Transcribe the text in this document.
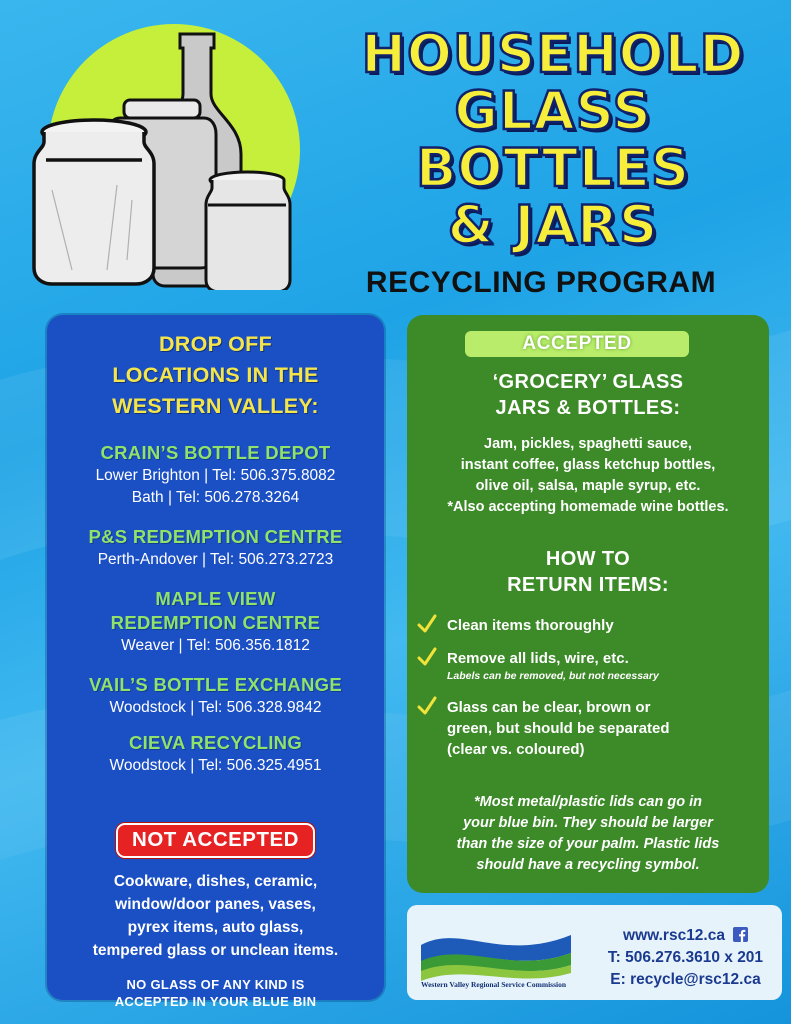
HOUSEHOLD
GLASS BOTTLES
& JARS
RECYCLING PROGRAM
DROP OFF
LOCATIONS IN THE
WESTERN VALLEY:
CRAIN’S BOTTLE DEPOT
Lower Brighton | Tel: 506.375.8082
Bath | Tel: 506.278.3264
P&S REDEMPTION CENTRE
Perth-Andover | Tel: 506.273.2723
MAPLE VIEW
REDEMPTION CENTRE
Weaver | Tel: 506.356.1812
VAIL’S BOTTLE EXCHANGE
Woodstock | Tel: 506.328.9842
CIEVA RECYCLING
Woodstock | Tel: 506.325.4951
NOT ACCEPTED
Cookware, dishes, ceramic,
window/door panes, vases,
pyrex items, auto glass,
tempered glass or unclean items.
NO GLASS OF ANY KIND IS
ACCEPTED IN YOUR BLUE BIN
ACCEPTED
‘GROCERY’ GLASS
JARS & BOTTLES:
Jam, pickles, spaghetti sauce,
instant coffee, glass ketchup bottles,
olive oil, salsa, maple syrup, etc.
*Also accepting homemade wine bottles.
HOW TO
RETURN ITEMS:
Clean items thoroughly
Remove all lids, wire, etc.
Labels can be removed, but not necessary
Glass can be clear, brown or
green, but should be separated
(clear vs. coloured)
*Most metal/plastic lids can go in
your blue bin. They should be larger
than the size of your palm. Plastic lids
should have a recycling symbol.
Western Valley Regional Service Commission
www.rsc12.ca
T: 506.276.3610 x 201
E: recycle@rsc12.ca
